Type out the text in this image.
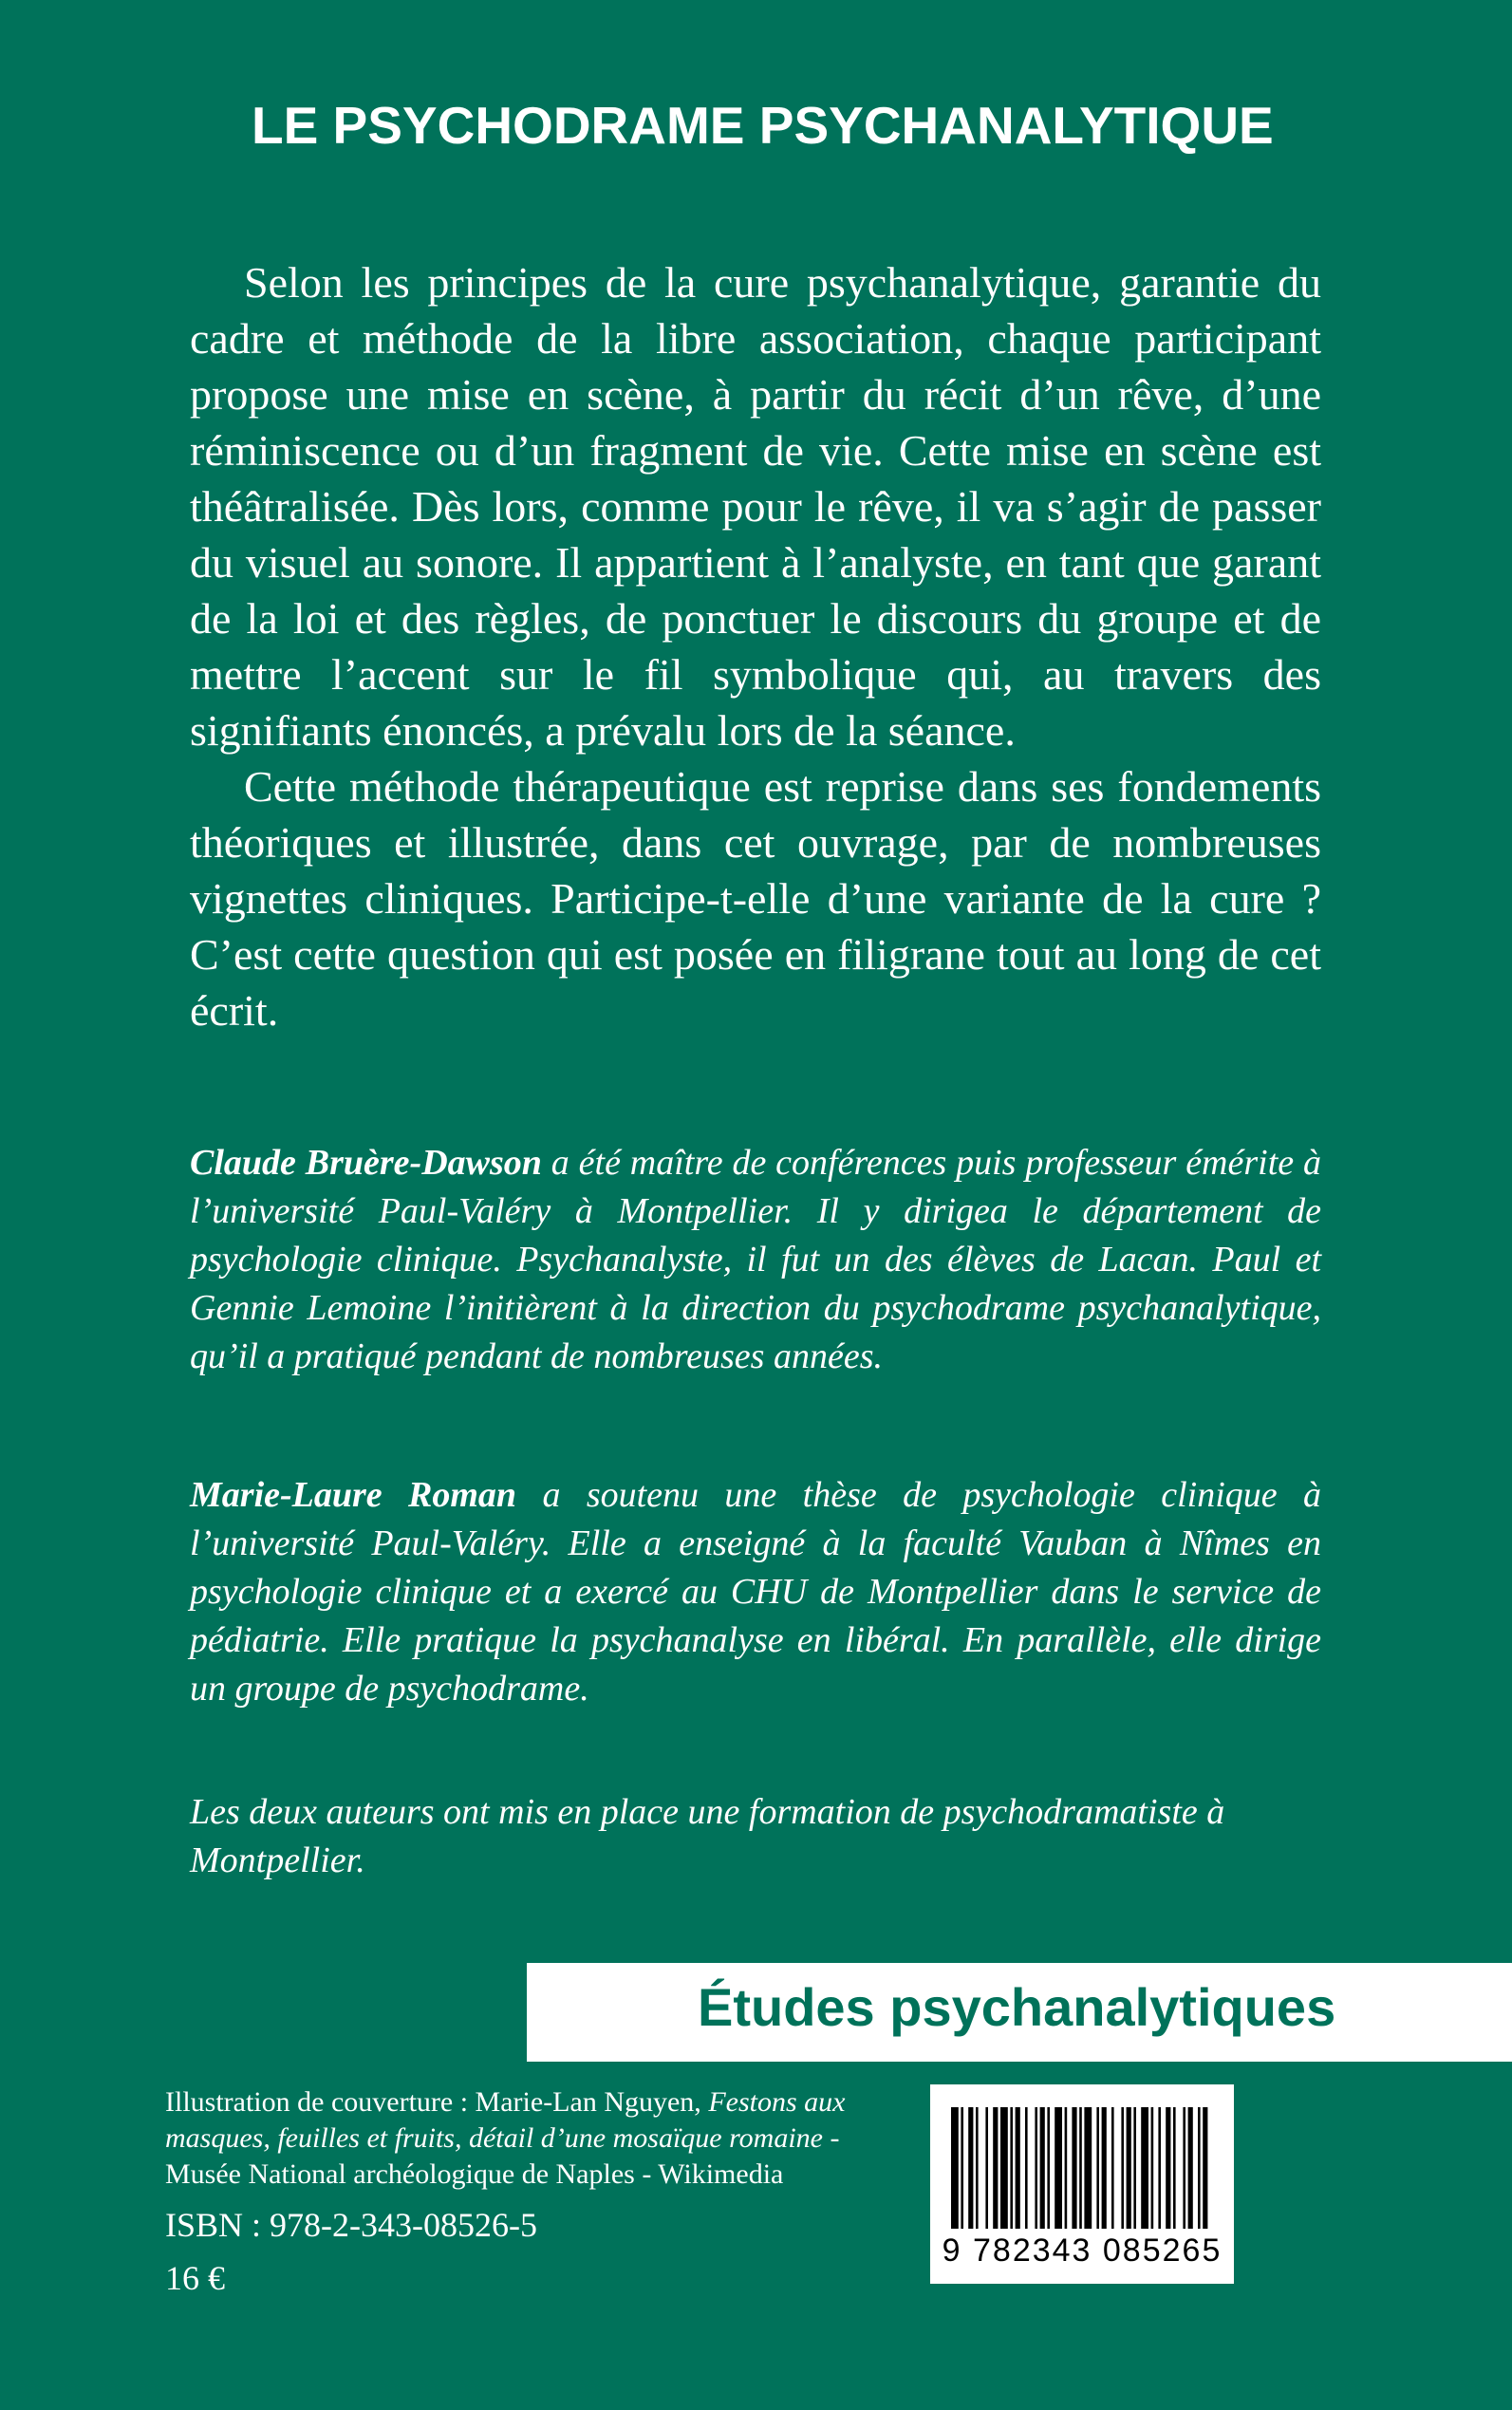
LE PSYCHODRAME PSYCHANALYTIQUE

Selon les principes de la cure psychanalytique, garantie du cadre et méthode de la libre association, chaque participant propose une mise en scène, à partir du récit d’un rêve, d’une réminiscence ou d’un fragment de vie. Cette mise en scène est théâtralisée. Dès lors, comme pour le rêve, il va s’agir de passer du visuel au sonore. Il appartient à l’analyste, en tant que garant de la loi et des règles, de ponctuer le discours du groupe et de mettre l’accent sur le fil symbolique qui, au travers des signifiants énoncés, a prévalu lors de la séance.

Cette méthode thérapeutique est reprise dans ses fondements théoriques et illustrée, dans cet ouvrage, par de nombreuses vignettes cliniques. Participe-t-elle d’une variante de la cure ? C’est cette question qui est posée en filigrane tout au long de cet écrit.

Claude Bruère-Dawson a été maître de conférences puis professeur émérite à l’université Paul-Valéry à Montpellier. Il y dirigea le département de psychologie clinique. Psychanalyste, il fut un des élèves de Lacan. Paul et Gennie Lemoine l’initièrent à la direction du psychodrame psychanalytique, qu’il a pratiqué pendant de nombreuses années.
Marie-Laure Roman a soutenu une thèse de psychologie clinique à l’université Paul-Valéry. Elle a enseigné à la faculté Vauban à Nîmes en psychologie clinique et a exercé au CHU de Montpellier dans le service de pédiatrie. Elle pratique la psychanalyse en libéral. En parallèle, elle dirige un groupe de psychodrame.
Les deux auteurs ont mis en place une formation de psychodramatiste à Montpellier.
Études psychanalytiques
Illustration de couverture : Marie-Lan Nguyen, Festons aux masques, feuilles et fruits, détail d’une mosaïque romaine - Musée National archéologique de Naples - Wikimedia
ISBN : 978-2-343-08526-5
16 €
9 782343 085265
